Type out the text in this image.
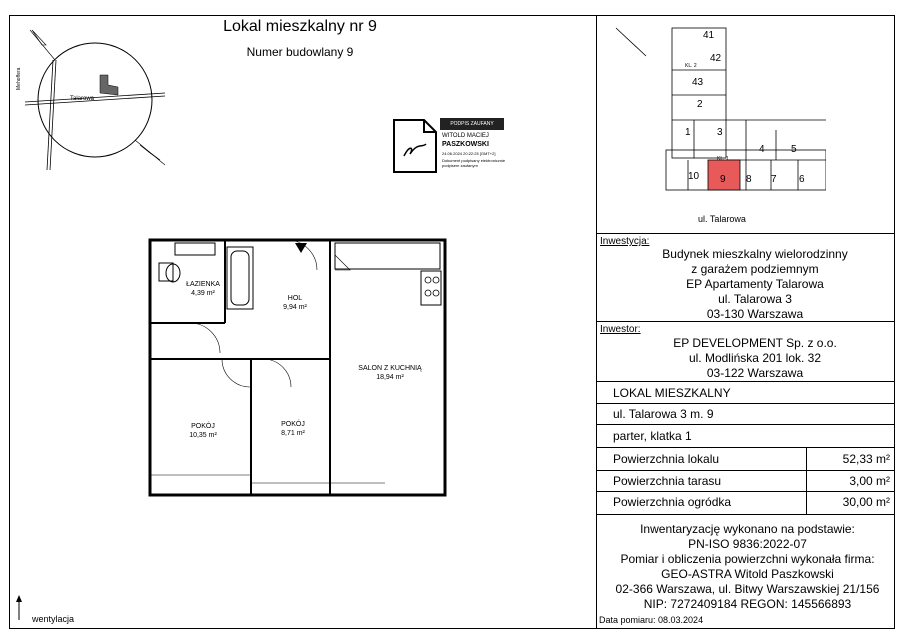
Lokal mieszkalny nr 9
Numer budowlany 9
Talarowa
Mehoffera
PODPIS ZAUFANY
WITOLD MACIEJ
PASZKOWSKI
24.06.2024 20:22:25 [GMT+2]
Dokument podpisany elektronicznie podpisem zaufanym
ŁAZIENKA
4,39 m²
HOL
9,94 m²
SALON Z KUCHNIĄ
18,94 m²
POKÓJ
10,35 m²
POKÓJ
8,71 m²
wentylacja
41
42
43
2
1	3
4	5
10 9 8 7 6
KL. 2
KL. 1
ul. Talarowa
Inwestycja:
Budynek mieszkalny wielorodzinny
z garażem podziemnym
EP Apartamenty Talarowa
ul. Talarowa 3
03-130 Warszawa
Inwestor:
EP DEVELOPMENT Sp. z o.o.
ul. Modlińska 201 lok. 32
03-122 Warszawa
LOKAL MIESZKALNY
ul. Talarowa 3 m. 9
parter, klatka 1
Powierzchnia lokalu	52,33 m²
Powierzchnia tarasu	3,00 m²
Powierzchnia ogródka	30,00 m²
Inwentaryzację wykonano na podstawie:
PN-ISO 9836:2022-07
Pomiar i obliczenia powierzchni wykonała firma:
GEO-ASTRA Witold Paszkowski
02-366 Warszawa, ul. Bitwy Warszawskiej 21/156
NIP: 7272409184 REGON: 145566893
Data pomiaru: 08.03.2024
